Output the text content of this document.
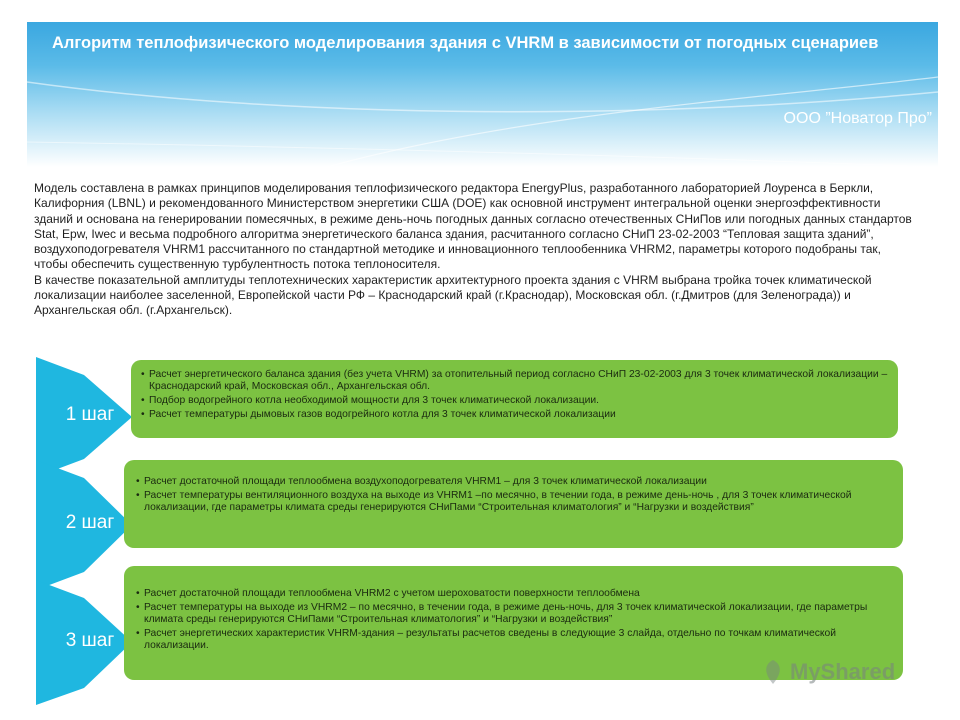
Алгоритм теплофизического моделирования здания с VHRM в зависимости от погодных сценариев
ООО ”Новатор Про”

Модель составлена в рамках принципов моделирования теплофизического редактора EnergyPlus, разработанного лабораторией Лоуренса в Беркли, Калифорния (LBNL) и рекомендованного Министерством энергетики США (DOE) как основной инструмент интегральной оценки энергоэффективности зданий и основана на генерировании помесячных, в режиме день-ночь погодных данных согласно отечественных СНиПов или погодных данных стандартов Stat, Epw, Iwec и весьма подробного алгоритма энергетического баланса здания, расчитанного согласно СНиП 23-02-2003 “Тепловая защита зданий”, воздухоподогревателя VHRM1 рассчитанного по стандартной методике и инновационного теплообенника VHRM2, параметры которого подобраны так, чтобы обеспечить существенную турбулентность потока теплоносителя.

В качестве показательной амплитуды теплотехнических характеристик архитектурного проекта здания с VHRM выбрана тройка точек климатической локализации наиболее заселенной, Европейской части РФ – Краснодарский край (г.Краснодар), Московская обл. (г.Дмитров (для Зеленограда)) и Архангельская обл. (г.Архангельск).

1 шаг
• Расчет энергетического баланса здания (без учета VHRM) за отопительный период согласно СНиП 23-02-2003 для 3 точек климатической локализации – Краснодарский край, Московская обл., Архангельская обл.
• Подбор водогрейного котла необходимой мощности для 3 точек климатической локализации.
• Расчет температуры дымовых газов водогрейного котла для 3 точек климатической локализации
2 шаг
• Расчет достаточной площади теплообмена воздухоподогревателя VHRM1 – для 3 точек климатической локализации
• Расчет температуры вентиляционного воздуха на выходе из VHRM1 –по месячно, в течении года, в режиме день-ночь , для 3 точек климатической локализации, где параметры климата среды генерируются СНиПами “Строительная климатология” и “Нагрузки и воздействия”
3 шаг
• Расчет достаточной площади теплообмена VHRM2 с учетом шероховатости поверхности теплообмена
• Расчет температуры на выходе из VHRM2 – по месячно, в течении года, в режиме день-ночь, для 3 точек климатической локализации, где параметры климата среды генерируются СНиПами “Строительная климатология” и “Нагрузки и воздействия”
• Расчет энергетических характеристик VHRM-здания – результаты расчетов сведены в следующие 3 слайда, отдельно по точкам климатической локализации.
MyShared
